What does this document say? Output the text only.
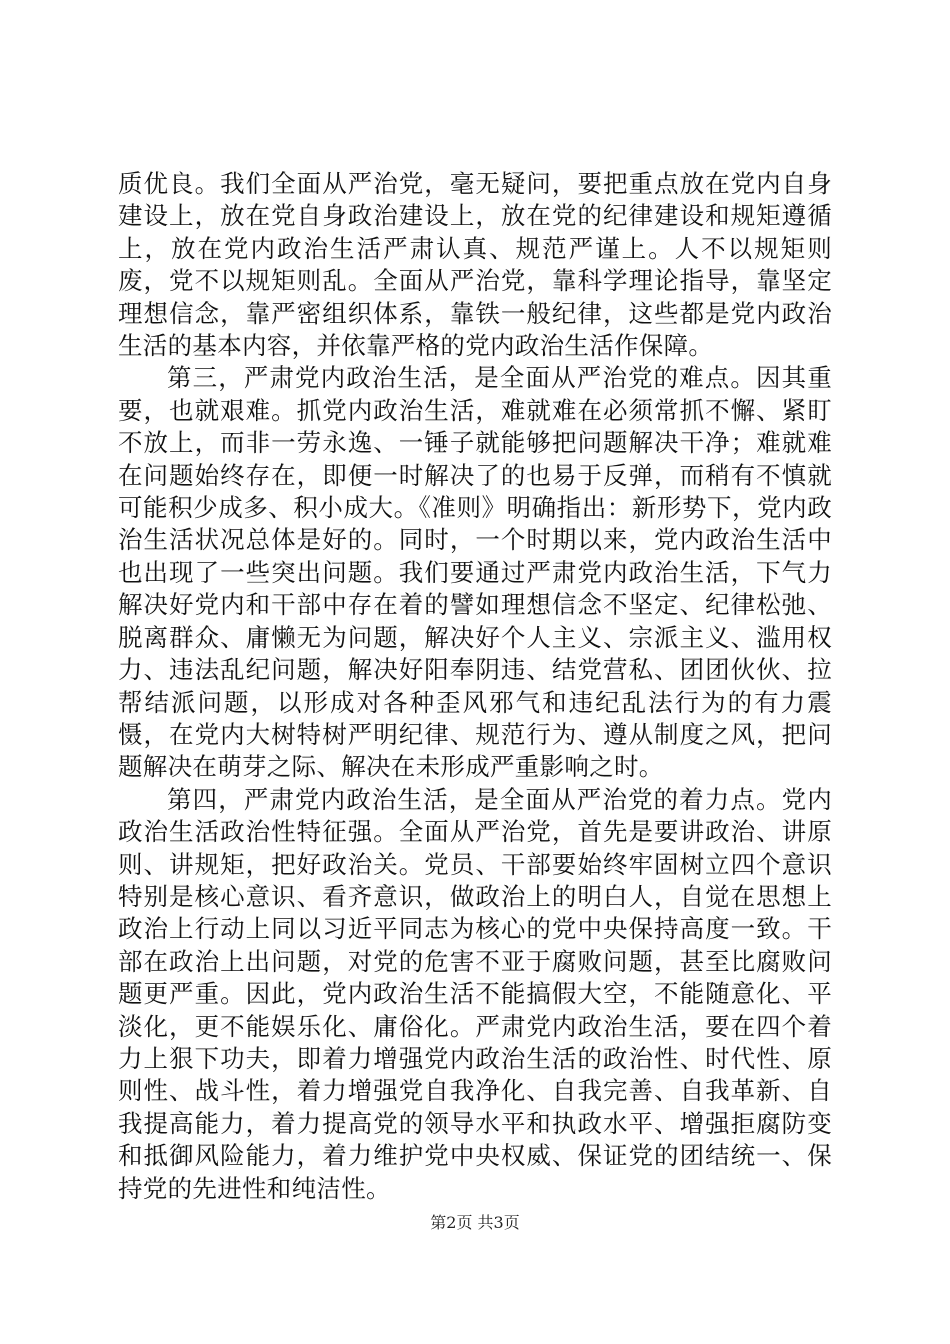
质优良。我们全面从严治党，毫无疑问，要把重点放在党内自身建设上，放在党自身政治建设上，放在党的纪律建设和规矩遵循上，放在党内政治生活严肃认真、规范严谨上。人不以规矩则废，党不以规矩则乱。全面从严治党，靠科学理论指导，靠坚定理想信念，靠严密组织体系，靠铁一般纪律，这些都是党内政治生活的基本内容，并依靠严格的党内政治生活作保障。

第三，严肃党内政治生活，是全面从严治党的难点。因其重要，也就艰难。抓党内政治生活，难就难在必须常抓不懈、紧盯不放上，而非一劳永逸、一锤子就能够把问题解决干净；难就难在问题始终存在，即便一时解决了的也易于反弹，而稍有不慎就可能积少成多、积小成大。《准则》明确指出：新形势下，党内政治生活状况总体是好的。同时，一个时期以来，党内政治生活中也出现了一些突出问题。我们要通过严肃党内政治生活，下气力解决好党内和干部中存在着的譬如理想信念不坚定、纪律松弛、脱离群众、庸懒无为问题，解决好个人主义、宗派主义、滥用权力、违法乱纪问题，解决好阳奉阴违、结党营私、团团伙伙、拉帮结派问题，以形成对各种歪风邪气和违纪乱法行为的有力震慑，在党内大树特树严明纪律、规范行为、遵从制度之风，把问题解决在萌芽之际、解决在未形成严重影响之时。

第四，严肃党内政治生活，是全面从严治党的着力点。党内政治生活政治性特征强。全面从严治党，首先是要讲政治、讲原则、讲规矩，把好政治关。党员、干部要始终牢固树立四个意识特别是核心意识、看齐意识，做政治上的明白人，自觉在思想上政治上行动上同以习近平同志为核心的党中央保持高度一致。干部在政治上出问题，对党的危害不亚于腐败问题，甚至比腐败问题更严重。因此，党内政治生活不能搞假大空，不能随意化、平淡化，更不能娱乐化、庸俗化。严肃党内政治生活，要在四个着力上狠下功夫，即着力增强党内政治生活的政治性、时代性、原则性、战斗性，着力增强党自我净化、自我完善、自我革新、自我提高能力，着力提高党的领导水平和执政水平、增强拒腐防变和抵御风险能力，着力维护党中央权威、保证党的团结统一、保持党的先进性和纯洁性。

第2页 共3页
